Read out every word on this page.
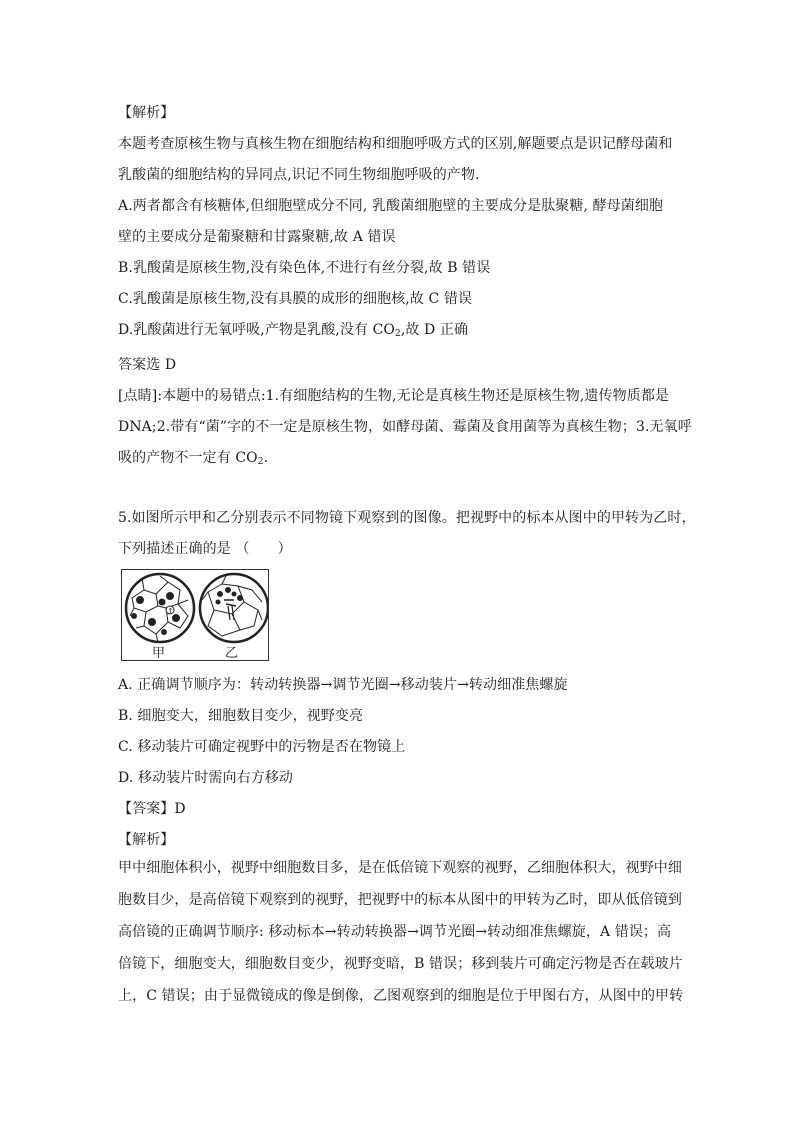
【解析】
本题考查原核生物与真核生物在细胞结构和细胞呼吸方式的区别,解题要点是识记酵母菌和
乳酸菌的细胞结构的异同点,识记不同生物细胞呼吸的产物.
A.两者都含有核糖体,但细胞壁成分不同, 乳酸菌细胞壁的主要成分是肽聚糖, 酵母菌细胞
壁的主要成分是葡聚糖和甘露聚糖,故 A 错误
B.乳酸菌是原核生物,没有染色体,不进行有丝分裂,故 B 错误
C.乳酸菌是原核生物,没有具膜的成形的细胞核,故 C 错误
D.乳酸菌进行无氧呼吸,产物是乳酸,没有 $CO_2$,故 D 正确
答案选 D
[点睛]:本题中的易错点:1.有细胞结构的生物,无论是真核生物还是原核生物,遗传物质都是
DNA;2.带有“菌”字的不一定是原核生物，如酵母菌、霉菌及食用菌等为真核生物；3.无氧呼
吸的产物不一定有 $CO_2$.
5.如图所示甲和乙分别表示不同物镜下观察到的图像。把视野中的标本从图中的甲转为乙时，
下列描述正确的是 （　　）
↑
甲	乙
A. 正确调节顺序为：转动转换器→调节光圈→移动装片→转动细准焦螺旋
B. 细胞变大，细胞数目变少，视野变亮
C. 移动装片可确定视野中的污物是否在物镜上
D. 移动装片时需向右方移动
【答案】D
【解析】
甲中细胞体积小，视野中细胞数目多，是在低倍镜下观察的视野，乙细胞体积大，视野中细
胞数目少，是高倍镜下观察到的视野，把视野中的标本从图中的甲转为乙时，即从低倍镜到
高倍镜的正确调节顺序: 移动标本→转动转换器→调节光圈→转动细准焦螺旋，A 错误；高
倍镜下，细胞变大，细胞数目变少，视野变暗，B 错误；移到装片可确定污物是否在载玻片
上，C 错误；由于显微镜成的像是倒像，乙图观察到的细胞是位于甲图右方，从图中的甲转
